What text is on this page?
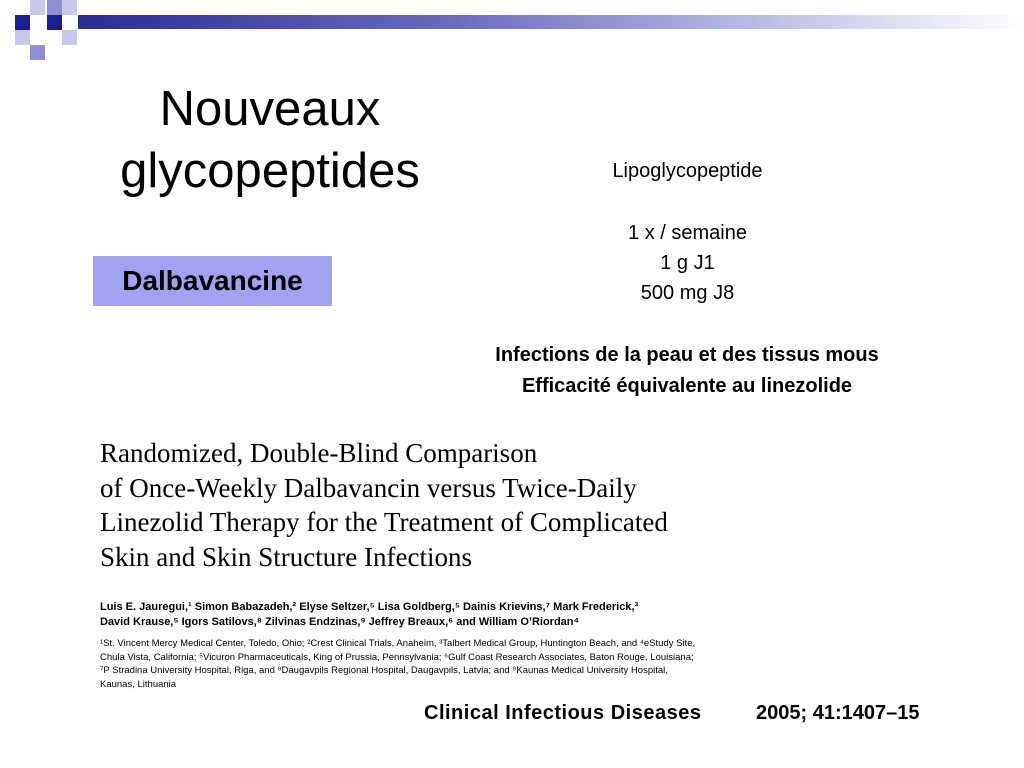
Nouveaux
glycopeptides
Dalbavancine
Lipoglycopeptide
1 x / semaine
1 g J1
500 mg J8
Infections de la peau et des tissus mous
Efficacité équivalente au linezolide
Randomized, Double-Blind Comparison
of Once-Weekly Dalbavancin versus Twice-Daily
Linezolid Therapy for the Treatment of Complicated
Skin and Skin Structure Infections
Luis E. Jauregui,¹ Simon Babazadeh,² Elyse Seltzer,⁵ Lisa Goldberg,⁵ Dainis Krievins,⁷ Mark Frederick,³
David Krause,⁵ Igors Satilovs,⁸ Zilvinas Endzinas,⁹ Jeffrey Breaux,⁶ and William O’Riordan⁴
¹St. Vincent Mercy Medical Center, Toledo, Ohio; ²Crest Clinical Trials, Anaheim, ³Talbert Medical Group, Huntington Beach, and ⁴eStudy Site,
Chula Vista, California; ⁵Vicuron Pharmaceuticals, King of Prussia, Pennsylvania; ⁶Gulf Coast Research Associates, Baton Rouge, Louisiana;
⁷P Stradina University Hospital, Riga, and ⁸Daugavpils Regional Hospital, Daugavpils, Latvia; and ⁹Kaunas Medical University Hospital,
Kaunas, Lithuania
Clinical Infectious Diseases	2005; 41:1407–15
